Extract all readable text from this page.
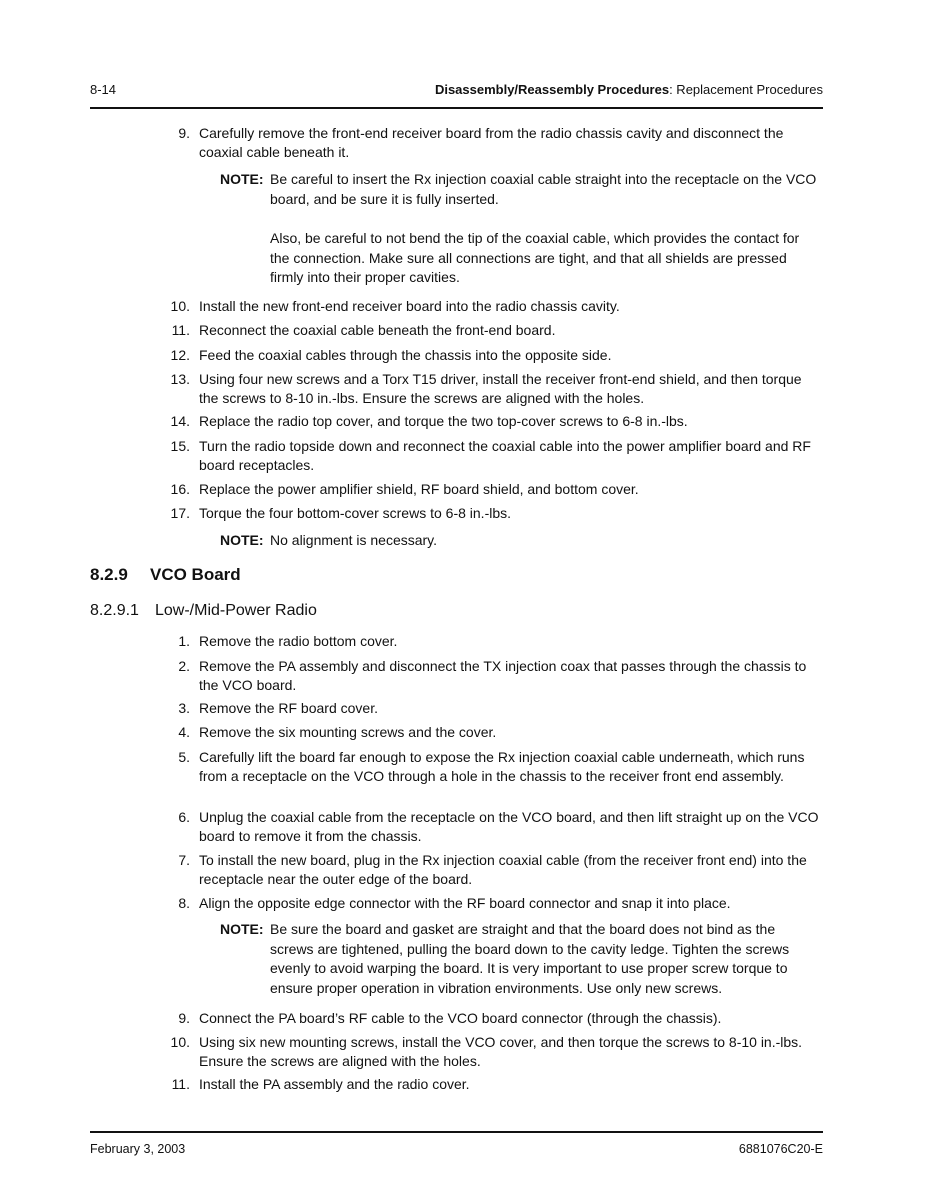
8-14	Disassembly/Reassembly Procedures: Replacement Procedures
9. Carefully remove the front-end receiver board from the radio chassis cavity and disconnect the coaxial cable beneath it.
NOTE: Be careful to insert the Rx injection coaxial cable straight into the receptacle on the VCO board, and be sure it is fully inserted.
Also, be careful to not bend the tip of the coaxial cable, which provides the contact for the connection. Make sure all connections are tight, and that all shields are pressed firmly into their proper cavities.
10. Install the new front-end receiver board into the radio chassis cavity.
11. Reconnect the coaxial cable beneath the front-end board.
12. Feed the coaxial cables through the chassis into the opposite side.
13. Using four new screws and a Torx T15 driver, install the receiver front-end shield, and then torque the screws to 8-10 in.-lbs. Ensure the screws are aligned with the holes.
14. Replace the radio top cover, and torque the two top-cover screws to 6-8 in.-lbs.
15. Turn the radio topside down and reconnect the coaxial cable into the power amplifier board and RF board receptacles.
16. Replace the power amplifier shield, RF board shield, and bottom cover.
17. Torque the four bottom-cover screws to 6-8 in.-lbs.
NOTE: No alignment is necessary.
8.2.9 VCO Board
8.2.9.1 Low-/Mid-Power Radio
1. Remove the radio bottom cover.
2. Remove the PA assembly and disconnect the TX injection coax that passes through the chassis to the VCO board.
3. Remove the RF board cover.
4. Remove the six mounting screws and the cover.
5. Carefully lift the board far enough to expose the Rx injection coaxial cable underneath, which runs from a receptacle on the VCO through a hole in the chassis to the receiver front end assembly.
6. Unplug the coaxial cable from the receptacle on the VCO board, and then lift straight up on the VCO board to remove it from the chassis.
7. To install the new board, plug in the Rx injection coaxial cable (from the receiver front end) into the receptacle near the outer edge of the board.
8. Align the opposite edge connector with the RF board connector and snap it into place.
NOTE: Be sure the board and gasket are straight and that the board does not bind as the screws are tightened, pulling the board down to the cavity ledge. Tighten the screws evenly to avoid warping the board. It is very important to use proper screw torque to ensure proper operation in vibration environments. Use only new screws.
9. Connect the PA board’s RF cable to the VCO board connector (through the chassis).
10. Using six new mounting screws, install the VCO cover, and then torque the screws to 8-10 in.-lbs. Ensure the screws are aligned with the holes.
11. Install the PA assembly and the radio cover.
February 3, 2003	6881076C20-E
